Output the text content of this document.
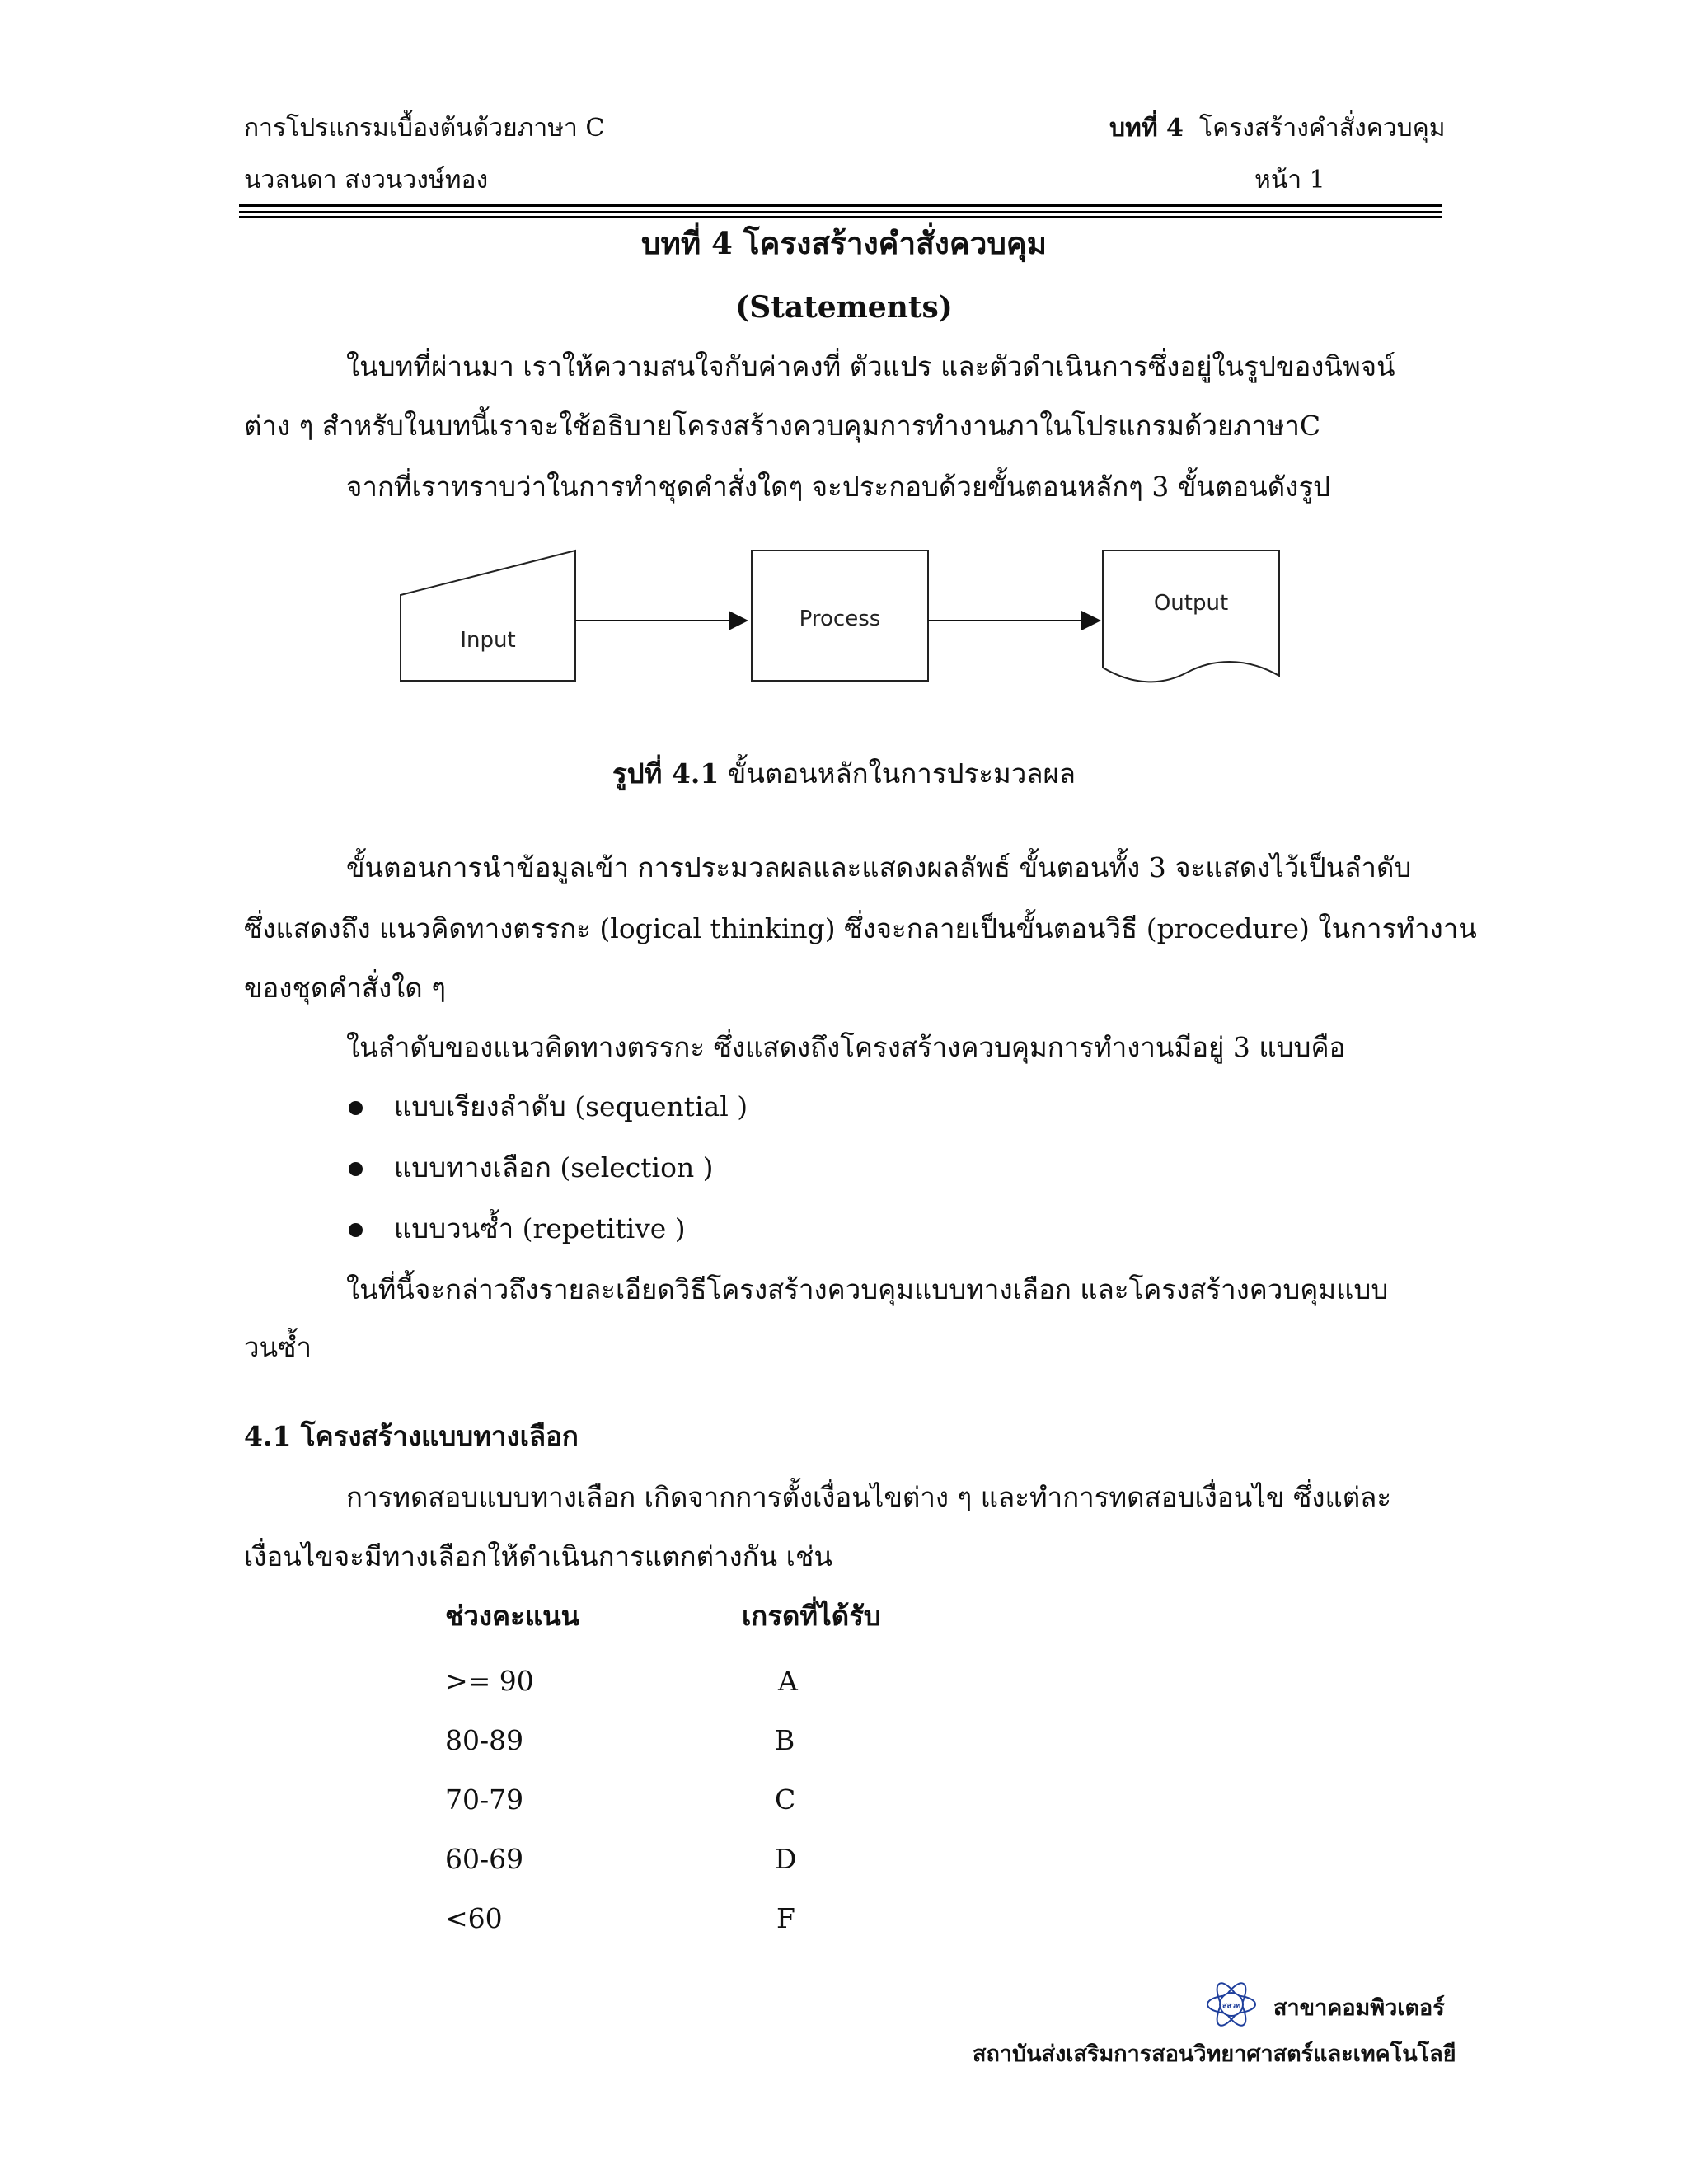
การโปรแกรมเบื้องต้นด้วยภาษา C
นวลนดา สงวนวงษ์ทอง
บทที่ 4 โครงสร้างคำสั่งควบคุม
หน้า 1
บทที่ 4 โครงสร้างคำสั่งควบคุม
(Statements)
ในบทที่ผ่านมา เราให้ความสนใจกับค่าคงที่ ตัวแปร และตัวดำเนินการซึ่งอยู่ในรูปของนิพจน์
ต่าง ๆ สำหรับในบทนี้เราจะใช้อธิบายโครงสร้างควบคุมการทำงานภาในโปรแกรมด้วยภาษาC
จากที่เราทราบว่าในการทำชุดคำสั่งใดๆ จะประกอบด้วยขั้นตอนหลักๆ 3 ขั้นตอนดังรูป
Input
Process
Output
รูปที่ 4.1 ขั้นตอนหลักในการประมวลผล
ขั้นตอนการนำข้อมูลเข้า การประมวลผลและแสดงผลลัพธ์ ขั้นตอนทั้ง 3 จะแสดงไว้เป็นลำดับ
ซึ่งแสดงถึง แนวคิดทางตรรกะ (logical thinking) ซึ่งจะกลายเป็นขั้นตอนวิธี (procedure) ในการทำงาน
ของชุดคำสั่งใด ๆ
ในลำดับของแนวคิดทางตรรกะ ซึ่งแสดงถึงโครงสร้างควบคุมการทำงานมีอยู่ 3 แบบคือ
แบบเรียงลำดับ (sequential )
แบบทางเลือก (selection )
แบบวนซ้ำ (repetitive )
ในที่นี้จะกล่าวถึงรายละเอียดวิธีโครงสร้างควบคุมแบบทางเลือก และโครงสร้างควบคุมแบบ
วนซ้ำ
4.1 โครงสร้างแบบทางเลือก
การทดสอบแบบทางเลือก เกิดจากการตั้งเงื่อนไขต่าง ๆ และทำการทดสอบเงื่อนไข ซึ่งแต่ละ
เงื่อนไขจะมีทางเลือกให้ดำเนินการแตกต่างกัน เช่น
ช่วงคะแนน	เกรดที่ได้รับ
>= 90	A
80-89	B
70-79	C
60-69	D
<60	F
สสวท สาขาคอมพิวเตอร์
สถาบันส่งเสริมการสอนวิทยาศาสตร์และเทคโนโลยี
